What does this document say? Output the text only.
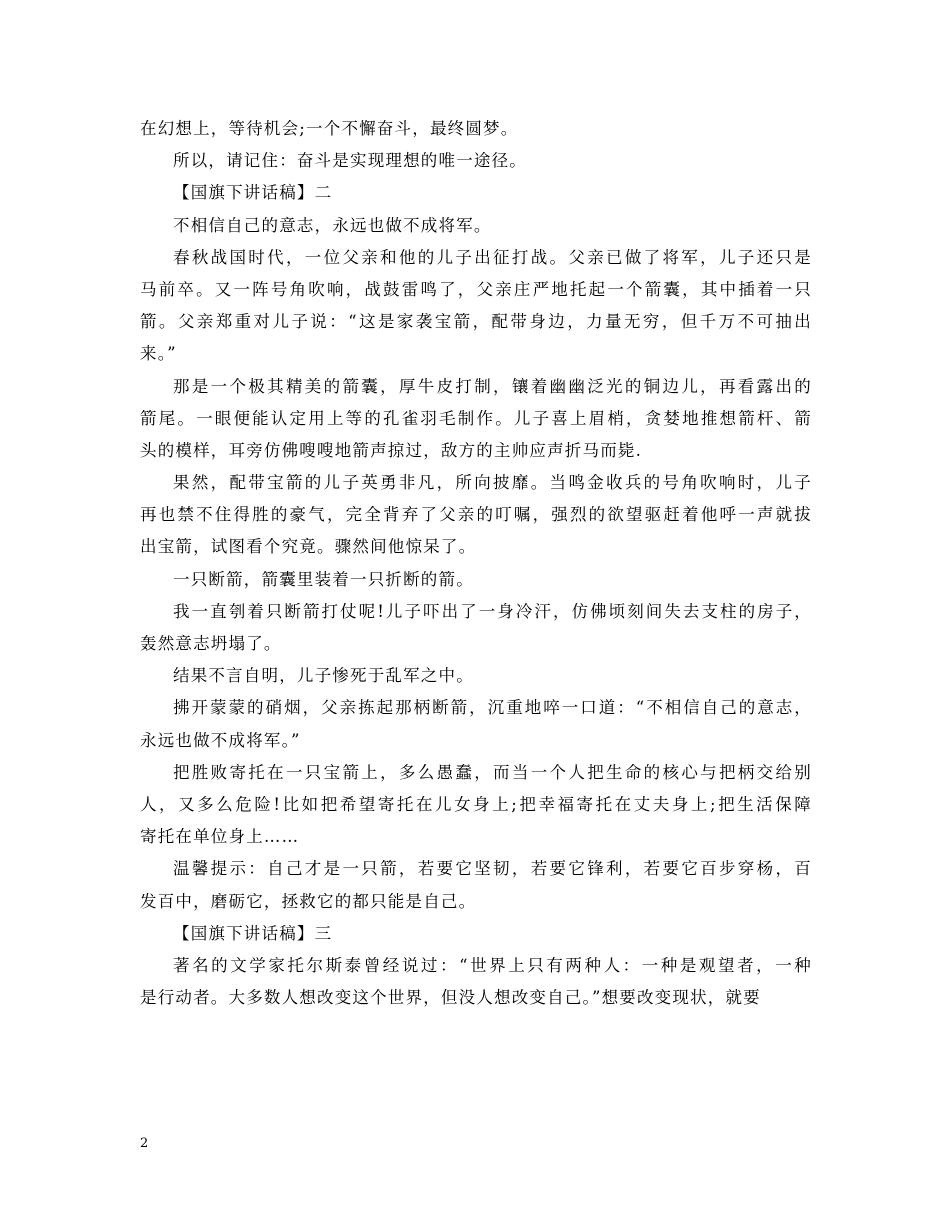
在幻想上，等待机会;一个不懈奋斗，最终圆梦。
所以，请记住：奋斗是实现理想的唯一途径。
【国旗下讲话稿】二
不相信自己的意志，永远也做不成将军。
春秋战国时代，一位父亲和他的儿子出征打战。父亲已做了将军，儿子还只是
马前卒。又一阵号角吹响，战鼓雷鸣了，父亲庄严地托起一个箭囊，其中插着一只
箭。父亲郑重对儿子说：“这是家袭宝箭，配带身边，力量无穷，但千万不可抽出
来。”
那是一个极其精美的箭囊，厚牛皮打制，镶着幽幽泛光的铜边儿，再看露出的
箭尾。一眼便能认定用上等的孔雀羽毛制作。儿子喜上眉梢，贪婪地推想箭杆、箭
头的模样，耳旁仿佛嗖嗖地箭声掠过，敌方的主帅应声折马而毙.
果然，配带宝箭的儿子英勇非凡，所向披靡。当鸣金收兵的号角吹响时，儿子
再也禁不住得胜的豪气，完全背弃了父亲的叮嘱，强烈的欲望驱赶着他呼一声就拔
出宝箭，试图看个究竟。骤然间他惊呆了。
一只断箭，箭囊里装着一只折断的箭。
我一直刳着只断箭打仗呢!儿子吓出了一身冷汗，仿佛顷刻间失去支柱的房子，
轰然意志坍塌了。
结果不言自明，儿子惨死于乱军之中。
拂开蒙蒙的硝烟，父亲拣起那柄断箭，沉重地啐一口道：“不相信自己的意志，
永远也做不成将军。”
把胜败寄托在一只宝箭上，多么愚蠢，而当一个人把生命的核心与把柄交给别
人，又多么危险!比如把希望寄托在儿女身上;把幸福寄托在丈夫身上;把生活保障
寄托在单位身上……
温馨提示：自己才是一只箭，若要它坚韧，若要它锋利，若要它百步穿杨，百
发百中，磨砺它，拯救它的都只能是自己。
【国旗下讲话稿】三
著名的文学家托尔斯泰曾经说过：“世界上只有两种人：一种是观望者，一种
是行动者。大多数人想改变这个世界，但没人想改变自己。”想要改变现状，就要
2
